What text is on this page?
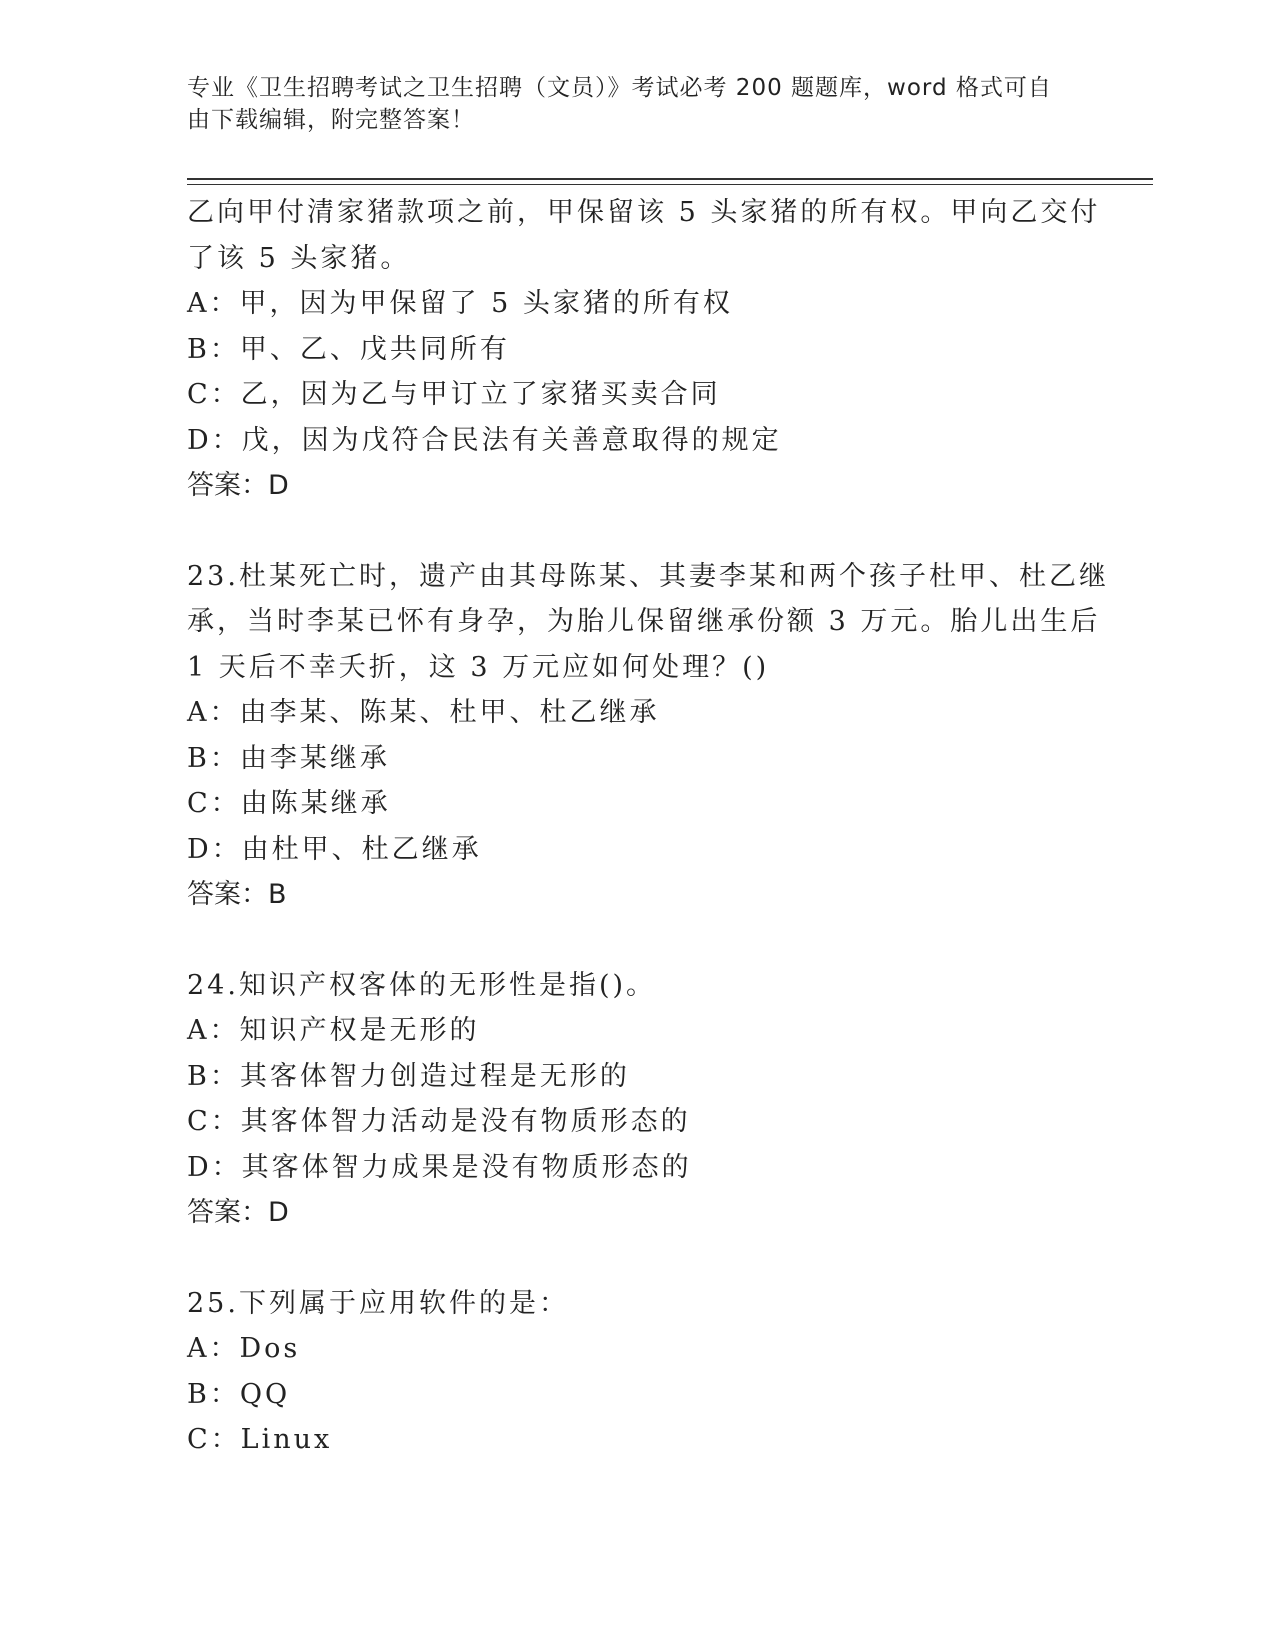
专业《卫生招聘考试之卫生招聘（文员）》考试必考 200 题题库，word 格式可自
由下载编辑，附完整答案！
乙向甲付清家猪款项之前，甲保留该 5 头家猪的所有权。甲向乙交付
了该 5 头家猪。
A：甲，因为甲保留了 5 头家猪的所有权
B：甲、乙、戊共同所有
C：乙，因为乙与甲订立了家猪买卖合同
D：戊，因为戊符合民法有关善意取得的规定
答案：D
23.杜某死亡时，遗产由其母陈某、其妻李某和两个孩子杜甲、杜乙继
承，当时李某已怀有身孕，为胎儿保留继承份额 3 万元。胎儿出生后
1 天后不幸夭折，这 3 万元应如何处理？()
A：由李某、陈某、杜甲、杜乙继承
B：由李某继承
C：由陈某继承
D：由杜甲、杜乙继承
答案：B
24.知识产权客体的无形性是指()。
A：知识产权是无形的
B：其客体智力创造过程是无形的
C：其客体智力活动是没有物质形态的
D：其客体智力成果是没有物质形态的
答案：D
25.下列属于应用软件的是：
A：Dos
B：QQ
C：Linux
